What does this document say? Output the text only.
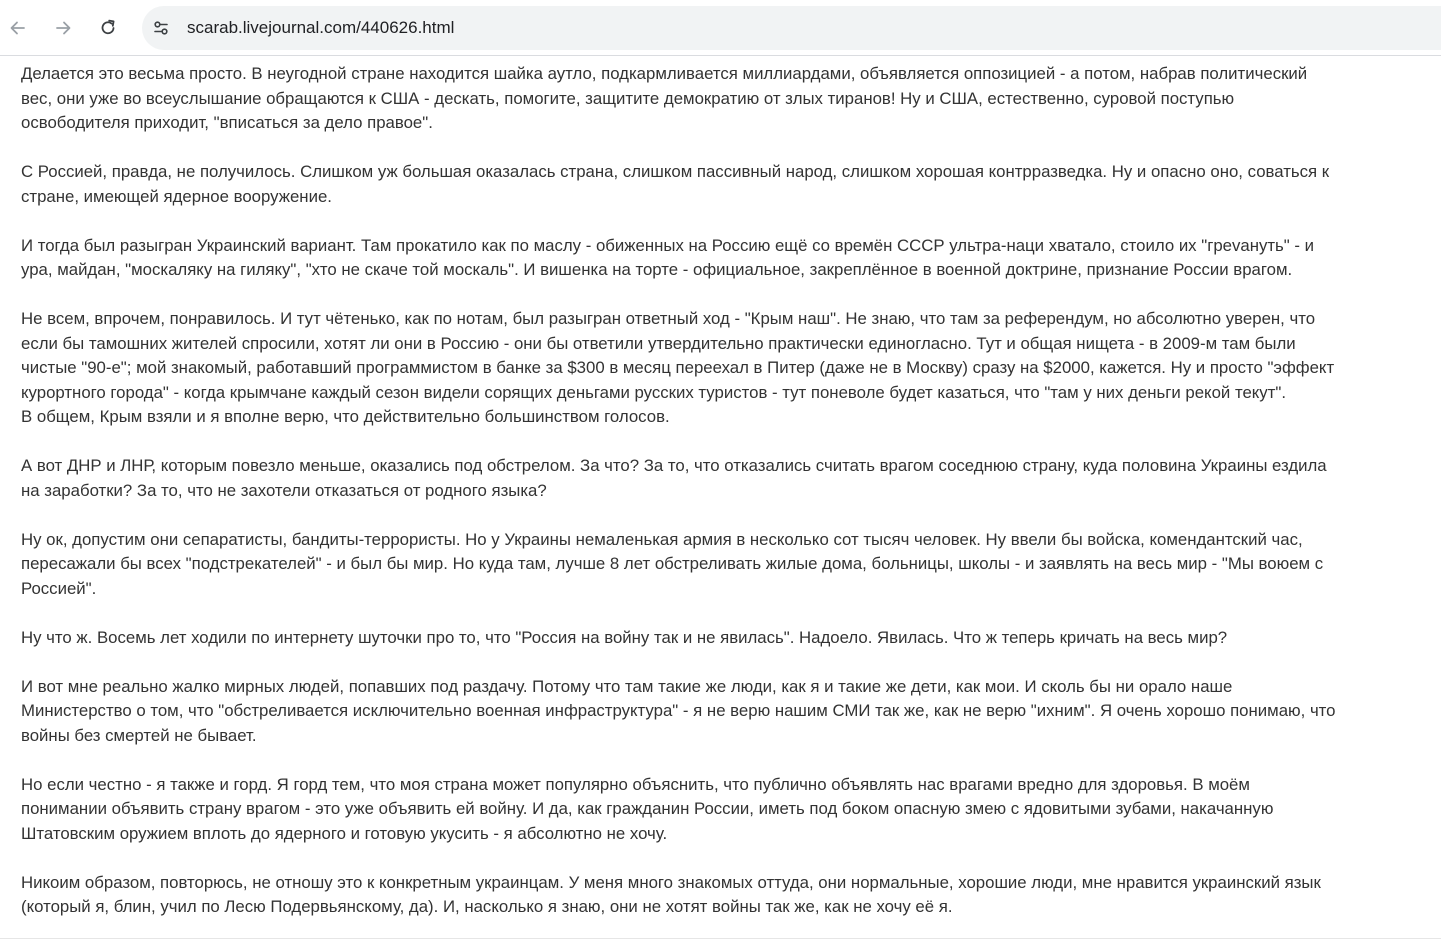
scarab.livejournal.com/440626.html

Делается это весьма просто. В неугодной стране находится шайка аутло, подкармливается миллиардами, объявляется оппозицией - а потом, набрав политический
вес, они уже во всеуслышание обращаются к США - дескать, помогите, защитите демократию от злых тиранов! Ну и США, естественно, суровой поступью
освободителя приходит, "вписаться за дело правое".

С Россией, правда, не получилось. Слишком уж большая оказалась страна, слишком пассивный народ, слишком хорошая контрразведка. Ну и опасно оно, соваться к
стране, имеющей ядерное вооружение.

И тогда был разыгран Украинский вариант. Там прокатило как по маслу - обиженных на Россию ещё со времён СССР ультра-наци хватало, стоило их "греvануть" - и
ура, майдан, "москаляку на гиляку", "хто не скаче той москаль". И вишенка на торте - официальное, закреплённое в военной доктрине, признание России врагом.

Не всем, впрочем, понравилось. И тут чётенько, как по нотам, был разыгран ответный ход - "Крым наш". Не знаю, что там за референдум, но абсолютно уверен, что
если бы тамошних жителей спросили, хотят ли они в Россию - они бы ответили утвердительно практически единогласно. Тут и общая нищета - в 2009-м там были
чистые "90-е"; мой знакомый, работавший программистом в банке за $300 в месяц переехал в Питер (даже не в Москву) сразу на $2000, кажется. Ну и просто "эффект
курортного города" - когда крымчане каждый сезон видели сорящих деньгами русских туристов - тут поневоле будет казаться, что "там у них деньги рекой текут".
В общем, Крым взяли и я вполне верю, что действительно большинством голосов.

А вот ДНР и ЛНР, которым повезло меньше, оказались под обстрелом. За что? За то, что отказались считать врагом соседнюю страну, куда половина Украины ездила
на заработки? За то, что не захотели отказаться от родного языка?

Ну ок, допустим они сепаратисты, бандиты-террористы. Но у Украины немаленькая армия в несколько сот тысяч человек. Ну ввели бы войска, комендантский час,
пересажали бы всех "подстрекателей" - и был бы мир. Но куда там, лучше 8 лет обстреливать жилые дома, больницы, школы - и заявлять на весь мир - "Мы воюем с
Россией".

Ну что ж. Восемь лет ходили по интернету шуточки про то, что "Россия на войну так и не явилась". Надоело. Явилась. Что ж теперь кричать на весь мир?

И вот мне реально жалко мирных людей, попавших под раздачу. Потому что там такие же люди, как я и такие же дети, как мои. И сколь бы ни орало наше
Министерство о том, что "обстреливается исключительно военная инфраструктура" - я не верю нашим СМИ так же, как не верю "ихним". Я очень хорошо понимаю, что
войны без смертей не бывает.

Но если честно - я также и горд. Я горд тем, что моя страна может популярно объяснить, что публично объявлять нас врагами вредно для здоровья. В моём
понимании объявить страну врагом - это уже объявить ей войну. И да, как гражданин России, иметь под боком опасную змею с ядовитыми зубами, накачанную
Штатовским оружием вплоть до ядерного и готовую укусить - я абсолютно не хочу.

Никоим образом, повторюсь, не отношу это к конкретным украинцам. У меня много знакомых оттуда, они нормальные, хорошие люди, мне нравится украинский язык
(который я, блин, учил по Лесю Подервьянскому, да). И, насколько я знаю, они не хотят войны так же, как не хочу её я.
